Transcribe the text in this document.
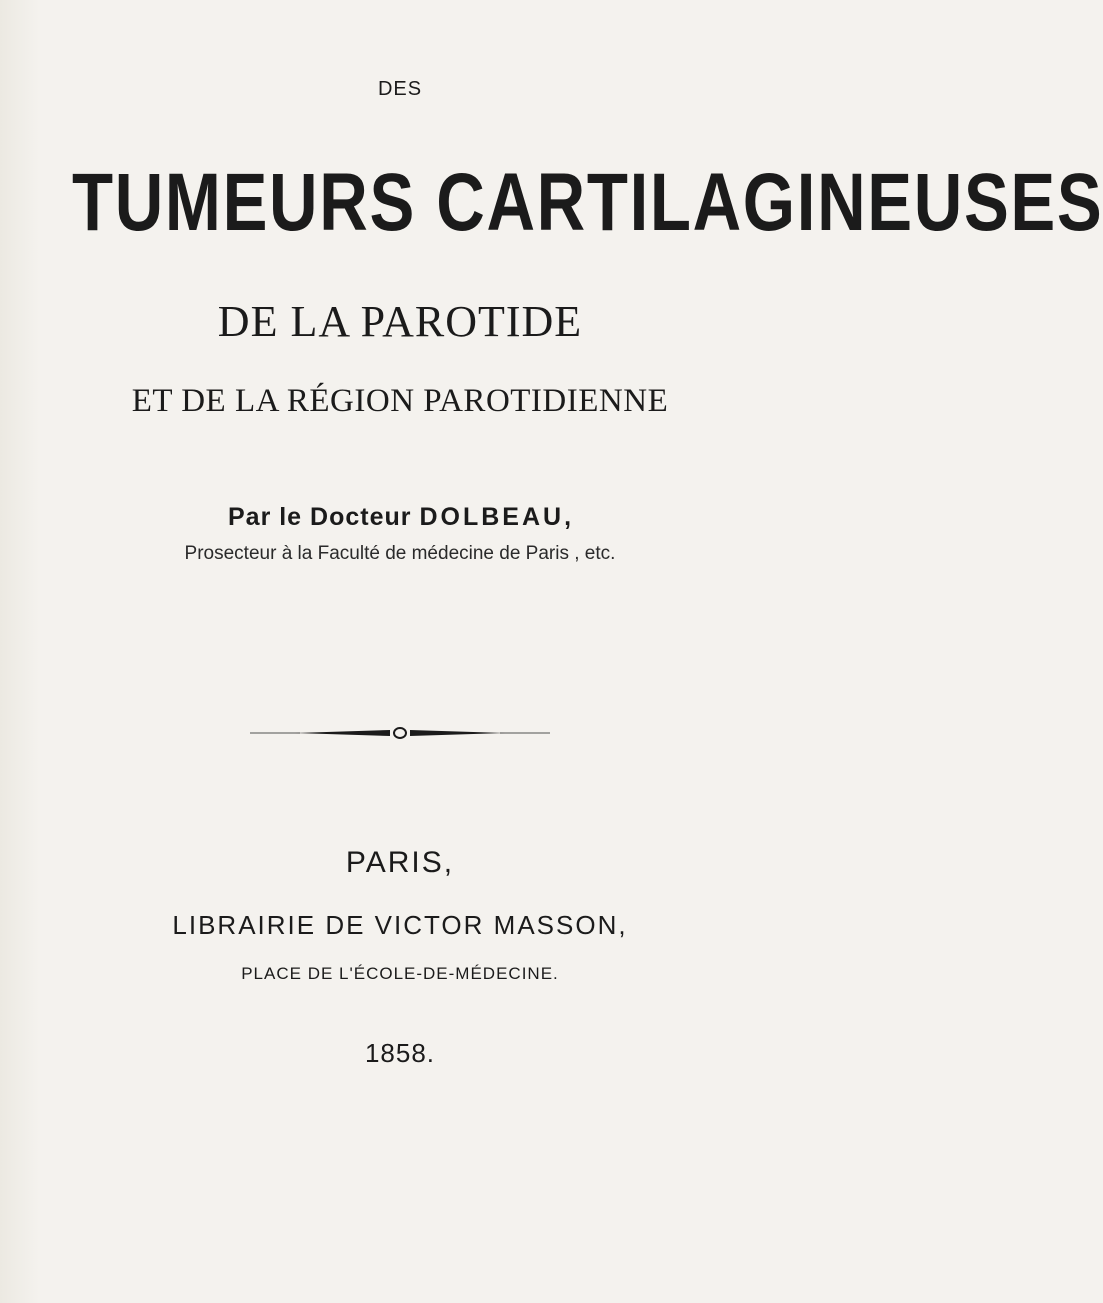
DES
TUMEURS CARTILAGINEUSES
DE LA PAROTIDE
ET DE LA RÉGION PAROTIDIENNE
Par le Docteur DOLBEAU,
Prosecteur à la Faculté de médecine de Paris , etc.
PARIS,
LIBRAIRIE DE VICTOR MASSON,
PLACE DE L'ÉCOLE-DE-MÉDECINE.
1858.
